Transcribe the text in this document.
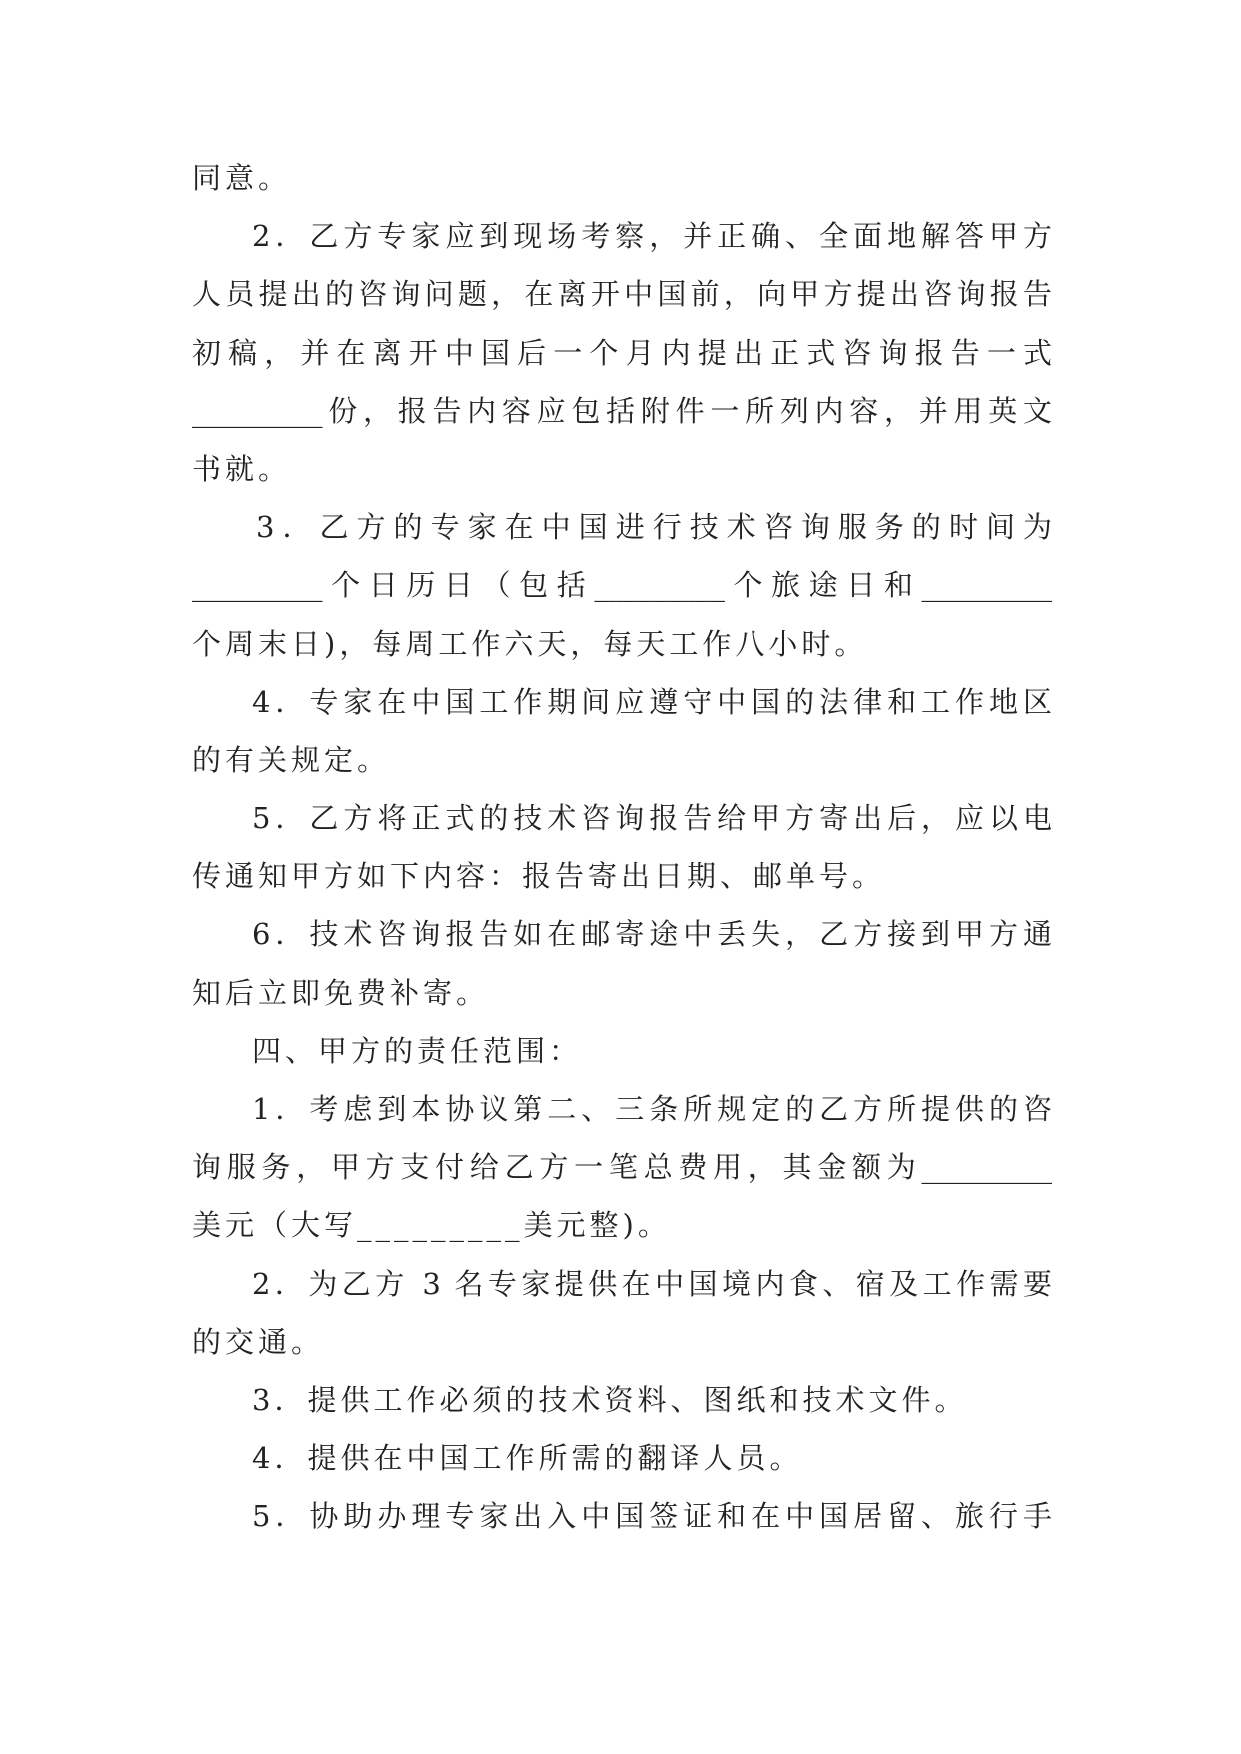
同意。
2．乙方专家应到现场考察，并正确、全面地解答甲方
人员提出的咨询问题，在离开中国前，向甲方提出咨询报告
初稿，并在离开中国后一个月内提出正式咨询报告一式
_________份，报告内容应包括附件一所列内容，并用英文
书就。
3．乙方的专家在中国进行技术咨询服务的时间为
_________个日历日（包括_________个旅途日和_________
个周末日)，每周工作六天，每天工作八小时。
4．专家在中国工作期间应遵守中国的法律和工作地区
的有关规定。
5．乙方将正式的技术咨询报告给甲方寄出后，应以电
传通知甲方如下内容：报告寄出日期、邮单号。
6．技术咨询报告如在邮寄途中丢失，乙方接到甲方通
知后立即免费补寄。
四、甲方的责任范围：
1．考虑到本协议第二、三条所规定的乙方所提供的咨
询服务，甲方支付给乙方一笔总费用，其金额为_________
美元（大写_________美元整)。
2．为乙方 3 名专家提供在中国境内食、宿及工作需要
的交通。
3．提供工作必须的技术资料、图纸和技术文件。
4．提供在中国工作所需的翻译人员。
5．协助办理专家出入中国签证和在中国居留、旅行手
